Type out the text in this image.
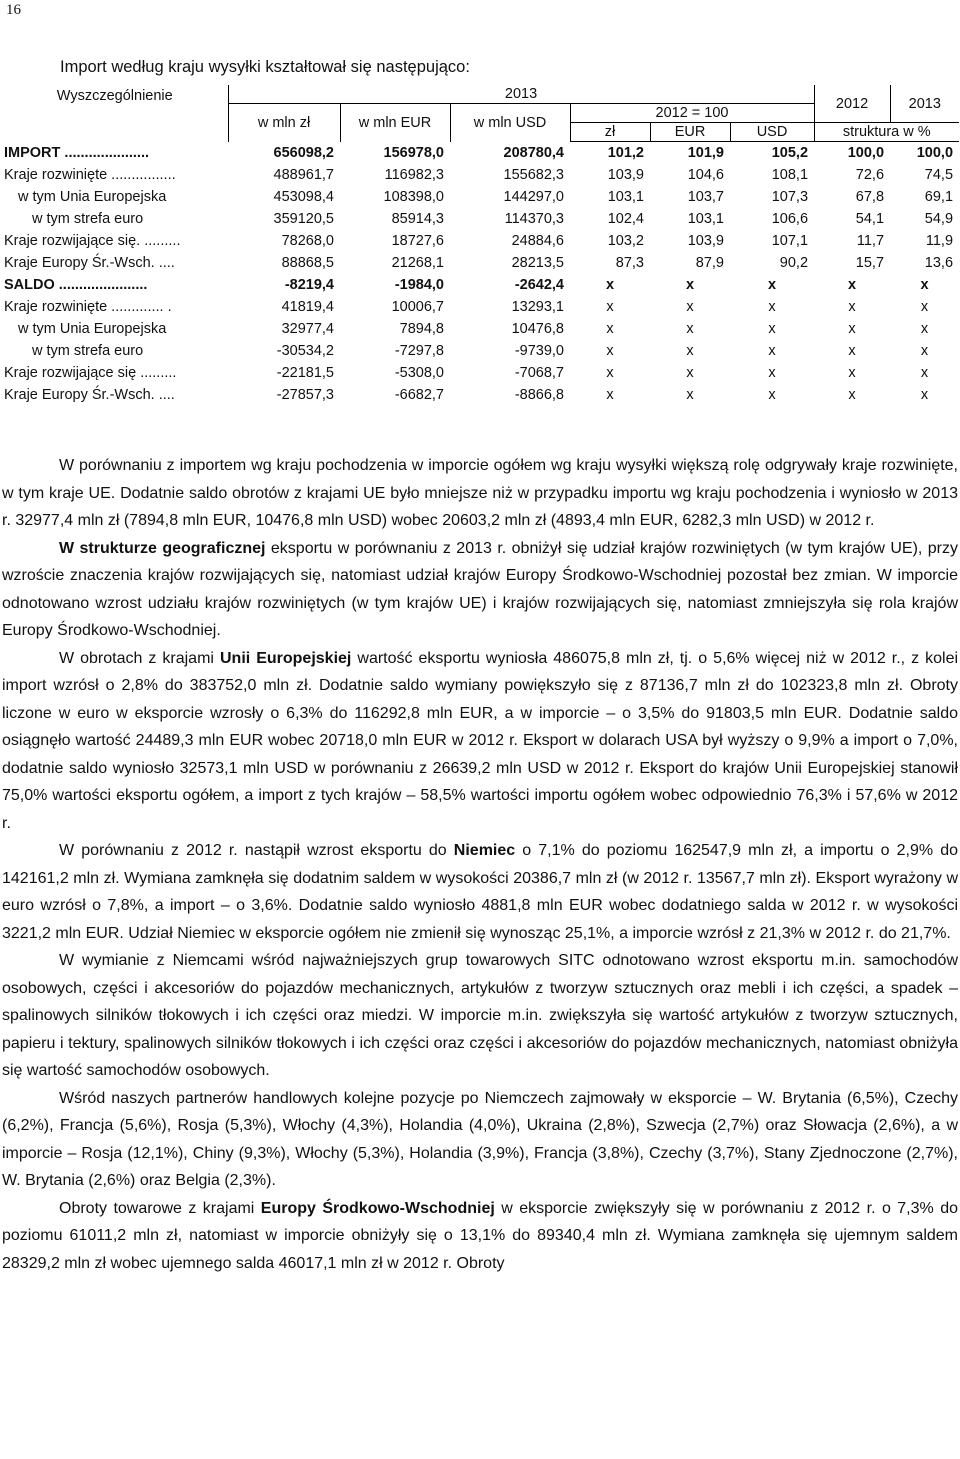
16

Import według kraju wysyłki kształtował się następująco:

Wyszczególnienie	2013						2012	2013
	w mln zł	w mln EUR	w mln USD	2012 = 100				
				zł	EUR	USD	struktura w %	
IMPORT .....................	656098,2	156978,0	208780,4	101,2	101,9	105,2	100,0	100,0
Kraje rozwinięte ................	488961,7	116982,3	155682,3	103,9	104,6	108,1	72,6	74,5
w tym Unia Europejska	453098,4	108398,0	144297,0	103,1	103,7	107,3	67,8	69,1
w tym strefa euro	359120,5	85914,3	114370,3	102,4	103,1	106,6	54,1	54,9
Kraje rozwijające się. .........	78268,0	18727,6	24884,6	103,2	103,9	107,1	11,7	11,9
Kraje Europy Śr.-Wsch. ....	88868,5	21268,1	28213,5	87,3	87,9	90,2	15,7	13,6
SALDO ......................	-8219,4	-1984,0	-2642,4	x	x	x	x	x
Kraje rozwinięte ............. .	41819,4	10006,7	13293,1	x	x	x	x	x
w tym Unia Europejska	32977,4	7894,8	10476,8	x	x	x	x	x
w tym strefa euro	-30534,2	-7297,8	-9739,0	x	x	x	x	x
Kraje rozwijające się .........	-22181,5	-5308,0	-7068,7	x	x	x	x	x
Kraje Europy Śr.-Wsch. ....	-27857,3	-6682,7	-8866,8	x	x	x	x	x

W porównaniu z importem wg kraju pochodzenia w imporcie ogółem wg kraju wysyłki większą rolę odgrywały kraje rozwinięte, w tym kraje UE. Dodatnie saldo obrotów z krajami UE było mniejsze niż w przypadku importu wg kraju pochodzenia i wyniosło w 2013 r. 32977,4 mln zł (7894,8 mln EUR, 10476,8 mln USD) wobec 20603,2 mln zł (4893,4 mln EUR, 6282,3 mln USD) w 2012 r.

W strukturze geograficznej eksportu w porównaniu z 2013 r. obniżył się udział krajów rozwiniętych (w tym krajów UE), przy wzroście znaczenia krajów rozwijających się, natomiast udział krajów Europy Środkowo-Wschodniej pozostał bez zmian. W imporcie odnotowano wzrost udziału krajów rozwiniętych (w tym krajów UE) i krajów rozwijających się, natomiast zmniejszyła się rola krajów Europy Środkowo-Wschodniej.

W obrotach z krajami Unii Europejskiej wartość eksportu wyniosła 486075,8 mln zł, tj. o 5,6% więcej niż w 2012 r., z kolei import wzrósł o 2,8% do 383752,0 mln zł. Dodatnie saldo wymiany powiększyło się z 87136,7 mln zł do 102323,8 mln zł. Obroty liczone w euro w eksporcie wzrosły o 6,3% do 116292,8 mln EUR, a w imporcie – o 3,5% do 91803,5 mln EUR. Dodatnie saldo osiągnęło wartość 24489,3 mln EUR wobec 20718,0 mln EUR w 2012 r. Eksport w dolarach USA był wyższy o 9,9% a import o 7,0%, dodatnie saldo wyniosło 32573,1 mln USD w porównaniu z 26639,2 mln USD w 2012 r. Eksport do krajów Unii Europejskiej stanowił 75,0% wartości eksportu ogółem, a import z tych krajów – 58,5% wartości importu ogółem wobec odpowiednio 76,3% i 57,6% w 2012 r.

W porównaniu z 2012 r. nastąpił wzrost eksportu do Niemiec o 7,1% do poziomu 162547,9 mln zł, a importu o 2,9% do 142161,2 mln zł. Wymiana zamknęła się dodatnim saldem w wysokości 20386,7 mln zł (w 2012 r. 13567,7 mln zł). Eksport wyrażony w euro wzrósł o 7,8%, a import – o 3,6%. Dodatnie saldo wyniosło 4881,8 mln EUR wobec dodatniego salda w 2012 r. w wysokości 3221,2 mln EUR. Udział Niemiec w eksporcie ogółem nie zmienił się wynosząc 25,1%, a imporcie wzrósł z 21,3% w 2012 r. do 21,7%.

W wymianie z Niemcami wśród najważniejszych grup towarowych SITC odnotowano wzrost eksportu m.in. samochodów osobowych, części i akcesoriów do pojazdów mechanicznych, artykułów z tworzyw sztucznych oraz mebli i ich części, a spadek – spalinowych silników tłokowych i ich części oraz miedzi. W imporcie m.in. zwiększyła się wartość artykułów z tworzyw sztucznych, papieru i tektury, spalinowych silników tłokowych i ich części oraz części i akcesoriów do pojazdów mechanicznych, natomiast obniżyła się wartość samochodów osobowych.

Wśród naszych partnerów handlowych kolejne pozycje po Niemczech zajmowały w eksporcie – W. Brytania (6,5%), Czechy (6,2%), Francja (5,6%), Rosja (5,3%), Włochy (4,3%), Holandia (4,0%), Ukraina (2,8%), Szwecja (2,7%) oraz Słowacja (2,6%), a w imporcie – Rosja (12,1%), Chiny (9,3%), Włochy (5,3%), Holandia (3,9%), Francja (3,8%), Czechy (3,7%), Stany Zjednoczone (2,7%), W. Brytania (2,6%) oraz Belgia (2,3%).

Obroty towarowe z krajami Europy Środkowo-Wschodniej w eksporcie zwiększyły się w porównaniu z 2012 r. o 7,3% do poziomu 61011,2 mln zł, natomiast w imporcie obniżyły się o 13,1% do 89340,4 mln zł. Wymiana zamknęła się ujemnym saldem 28329,2 mln zł wobec ujemnego salda 46017,1 mln zł w 2012 r. Obroty
